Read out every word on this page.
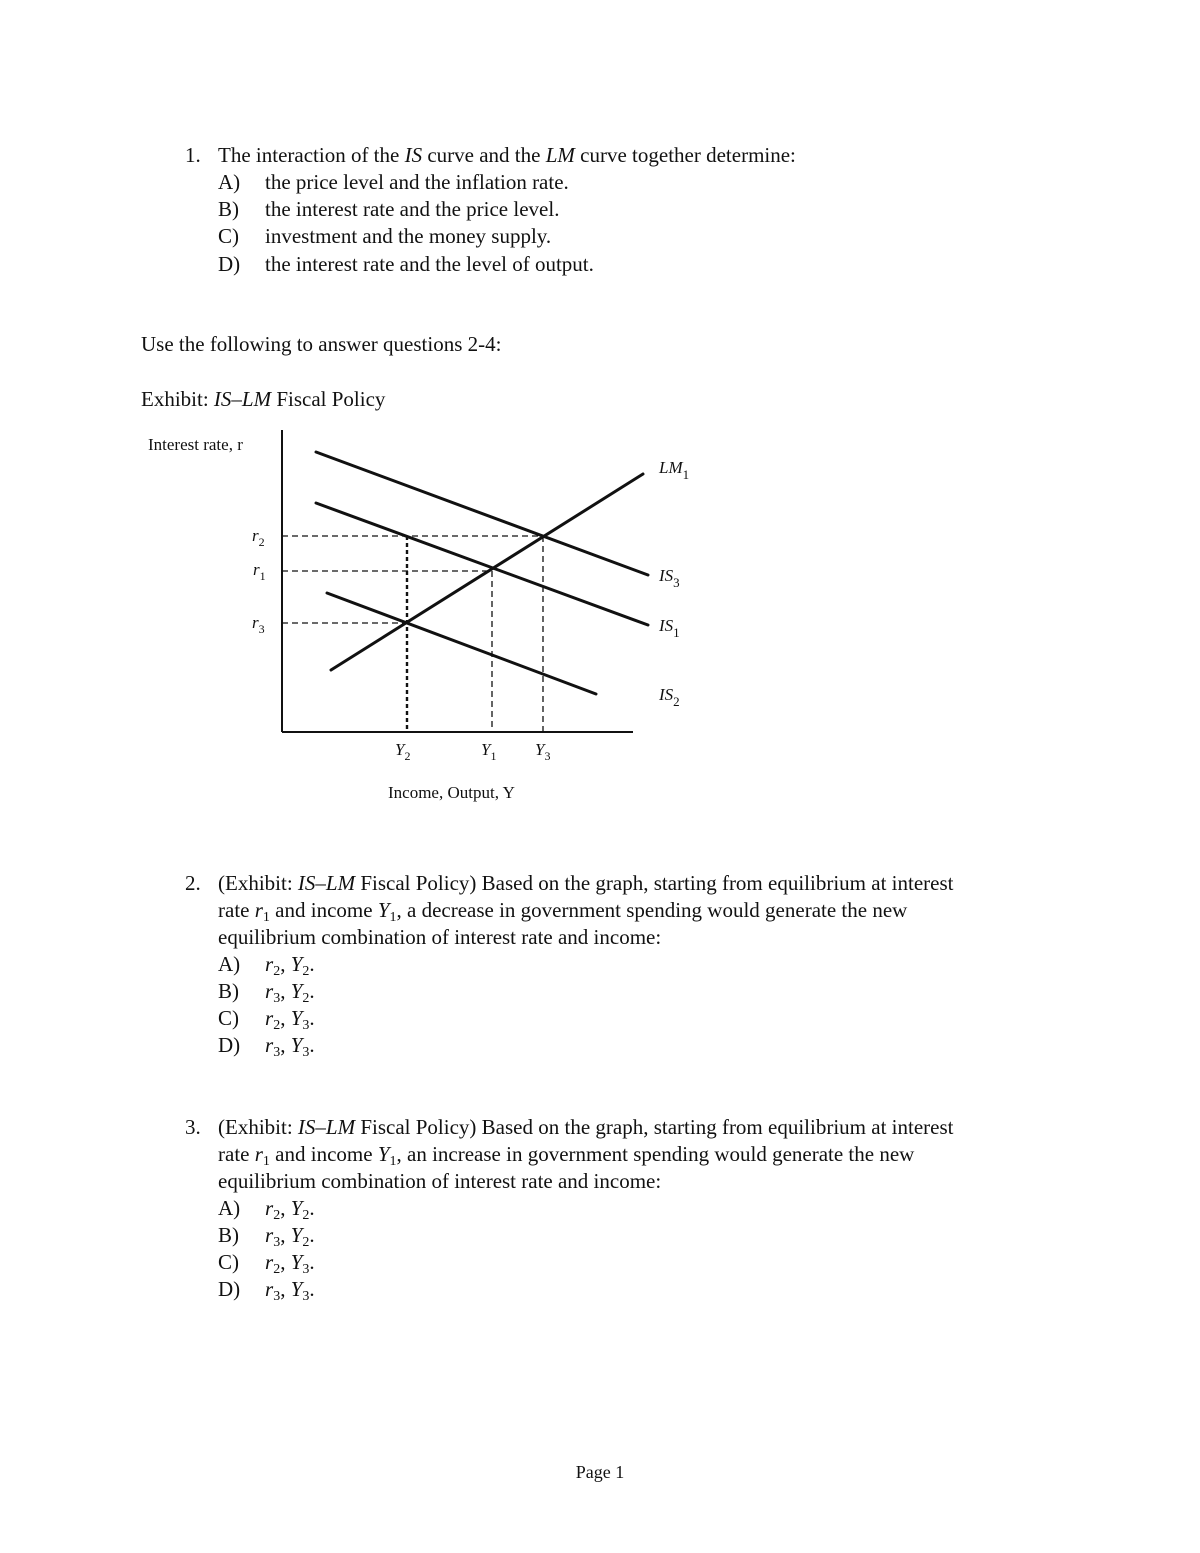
1. The interaction of the IS curve and the LM curve together determine:
A) the price level and the inflation rate.
B) the interest rate and the price level.
C) investment and the money supply.
D) the interest rate and the level of output.
Use the following to answer questions 2-4:
Exhibit: IS–LM Fiscal Policy
Interest rate, r
Income, Output, Y
$r_2$
$r_1$
$r_3$
$Y_2$	$Y_1$ $Y_3$
$LM_1$
$IS_3$
$IS_1$
$IS_2$
2. (Exhibit: IS–LM Fiscal Policy) Based on the graph, starting from equilibrium at interest
rate $r_1$ and income $Y_1$, a decrease in government spending would generate the new
equilibrium combination of interest rate and income:
A) $r_2$, $Y_2$.
B) $r_3$, $Y_2$.
C) $r_2$, $Y_3$.
D) $r_3$, $Y_3$.
3. (Exhibit: IS–LM Fiscal Policy) Based on the graph, starting from equilibrium at interest
rate $r_1$ and income $Y_1$, an increase in government spending would generate the new
equilibrium combination of interest rate and income:
A) $r_2$, $Y_2$.
B) $r_3$, $Y_2$.
C) $r_2$, $Y_3$.
D) $r_3$, $Y_3$.
Page 1
